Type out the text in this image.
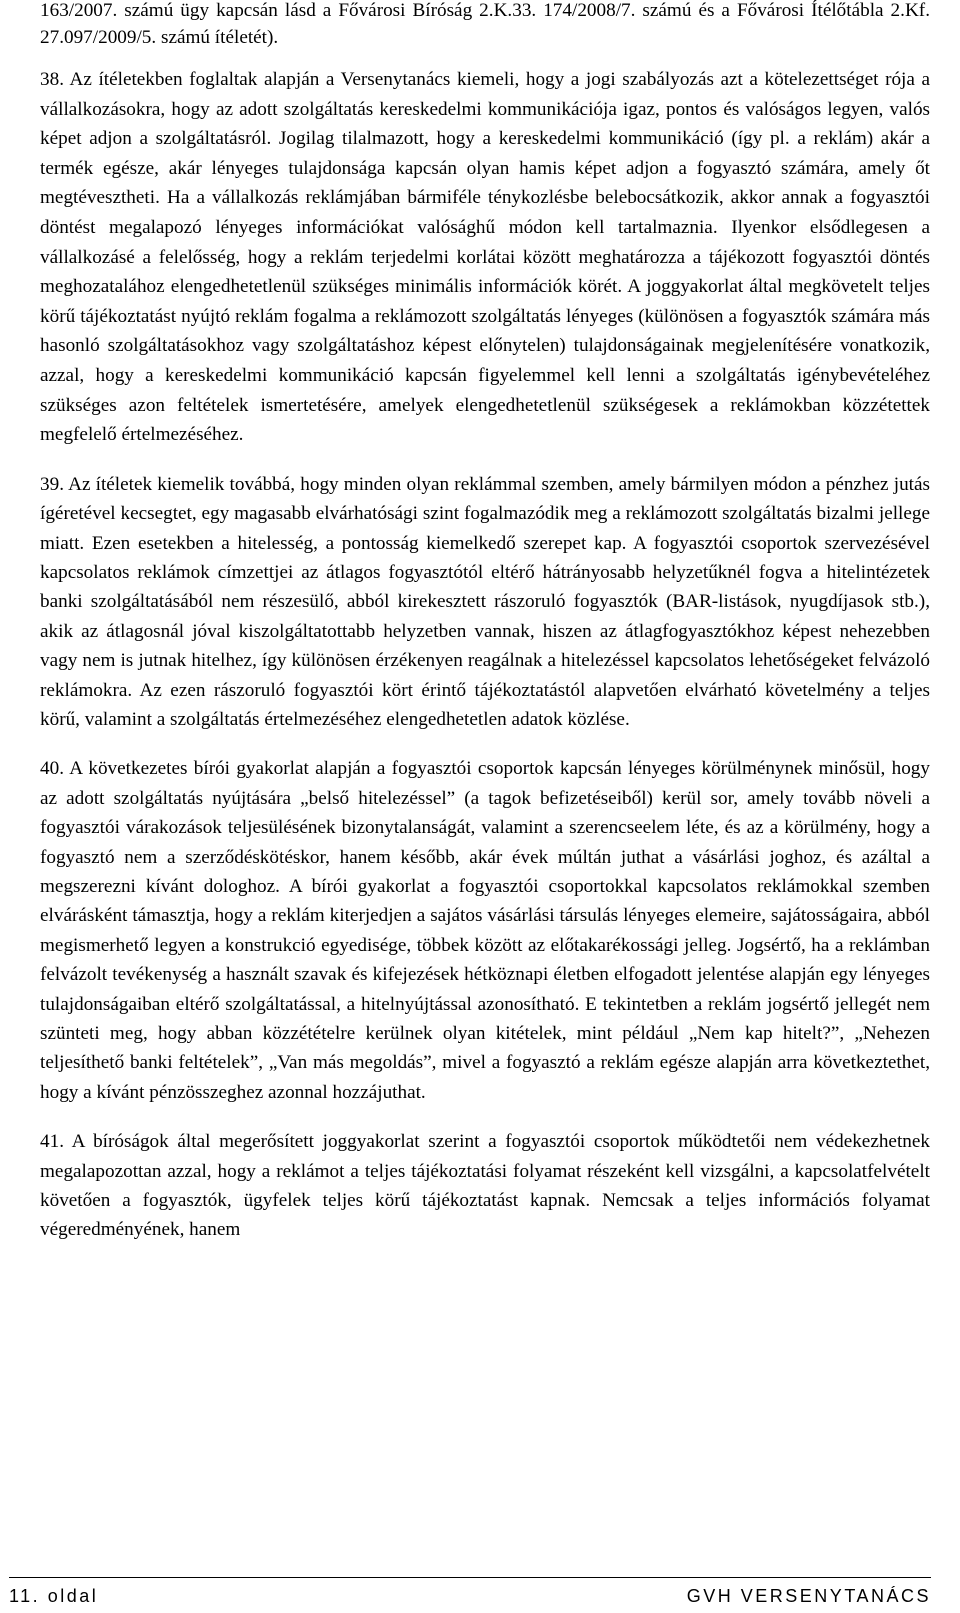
163/2007. számú ügy kapcsán lásd a Fővárosi Bíróság 2.K.33. 174/2008/7. számú és a Fővárosi Ítélőtábla 2.Kf. 27.097/2009/5. számú ítéletét).

38. Az ítéletekben foglaltak alapján a Versenytanács kiemeli, hogy a jogi szabályozás azt a kötelezettséget rója a vállalkozásokra, hogy az adott szolgáltatás kereskedelmi kommunikációja igaz, pontos és valóságos legyen, valós képet adjon a szolgáltatásról. Jogilag tilalmazott, hogy a kereskedelmi kommunikáció (így pl. a reklám) akár a termék egésze, akár lényeges tulajdonsága kapcsán olyan hamis képet adjon a fogyasztó számára, amely őt megtévesztheti. Ha a vállalkozás reklámjában bármiféle ténykozlésbe belebocsátkozik, akkor annak a fogyasztói döntést megalapozó lényeges információkat valósághű módon kell tartalmaznia. Ilyenkor elsődlegesen a vállalkozásé a felelősség, hogy a reklám terjedelmi korlátai között meghatározza a tájékozott fogyasztói döntés meghozatalához elengedhetetlenül szükséges minimális információk körét. A joggyakorlat által megkövetelt teljes körű tájékoztatást nyújtó reklám fogalma a reklámozott szolgáltatás lényeges (különösen a fogyasztók számára más hasonló szolgáltatásokhoz vagy szolgáltatáshoz képest előnytelen) tulajdonságainak megjelenítésére vonatkozik, azzal, hogy a kereskedelmi kommunikáció kapcsán figyelemmel kell lenni a szolgáltatás igénybevételéhez szükséges azon feltételek ismertetésére, amelyek elengedhetetlenül szükségesek a reklámokban közzétettek megfelelő értelmezéséhez.
39. Az ítéletek kiemelik továbbá, hogy minden olyan reklámmal szemben, amely bármilyen módon a pénzhez jutás ígéretével kecsegtet, egy magasabb elvárhatósági szint fogalmazódik meg a reklámozott szolgáltatás bizalmi jellege miatt. Ezen esetekben a hitelesség, a pontosság kiemelkedő szerepet kap. A fogyasztói csoportok szervezésével kapcsolatos reklámok címzettjei az átlagos fogyasztótól eltérő hátrányosabb helyzetűknél fogva a hitelintézetek banki szolgáltatásából nem részesülő, abból kirekesztett rászoruló fogyasztók (BAR-listások, nyugdíjasok stb.), akik az átlagosnál jóval kiszolgáltatottabb helyzetben vannak, hiszen az átlagfogyasztókhoz képest nehezebben vagy nem is jutnak hitelhez, így különösen érzékenyen reagálnak a hitelezéssel kapcsolatos lehetőségeket felvázoló reklámokra. Az ezen rászoruló fogyasztói kört érintő tájékoztatástól alapvetően elvárható követelmény a teljes körű, valamint a szolgáltatás értelmezéséhez elengedhetetlen adatok közlése.
40. A következetes bírói gyakorlat alapján a fogyasztói csoportok kapcsán lényeges körülménynek minősül, hogy az adott szolgáltatás nyújtására „belső hitelezéssel” (a tagok befizetéseiből) kerül sor, amely tovább növeli a fogyasztói várakozások teljesülésének bizonytalanságát, valamint a szerencseelem léte, és az a körülmény, hogy a fogyasztó nem a szerződéskötéskor, hanem később, akár évek múltán juthat a vásárlási joghoz, és azáltal a megszerezni kívánt dologhoz. A bírói gyakorlat a fogyasztói csoportokkal kapcsolatos reklámokkal szemben elvárásként támasztja, hogy a reklám kiterjedjen a sajátos vásárlási társulás lényeges elemeire, sajátosságaira, abból megismerhető legyen a konstrukció egyedisége, többek között az előtakarékossági jelleg. Jogsértő, ha a reklámban felvázolt tevékenység a használt szavak és kifejezések hétköznapi életben elfogadott jelentése alapján egy lényeges tulajdonságaiban eltérő szolgáltatással, a hitelnyújtással azonosítható. E tekintetben a reklám jogsértő jellegét nem szünteti meg, hogy abban közzétételre kerülnek olyan kitételek, mint például „Nem kap hitelt?”, „Nehezen teljesíthető banki feltételek”, „Van más megoldás”, mivel a fogyasztó a reklám egésze alapján arra következtethet, hogy a kívánt pénzösszeghez azonnal hozzájuthat.
41. A bíróságok által megerősített joggyakorlat szerint a fogyasztói csoportok működtetői nem védekezhetnek megalapozottan azzal, hogy a reklámot a teljes tájékoztatási folyamat részeként kell vizsgálni, a kapcsolatfelvételt követően a fogyasztók, ügyfelek teljes körű tájékoztatást kapnak. Nemcsak a teljes információs folyamat végeredményének, hanem
11. oldal	GVH VERSENYTANÁCS
